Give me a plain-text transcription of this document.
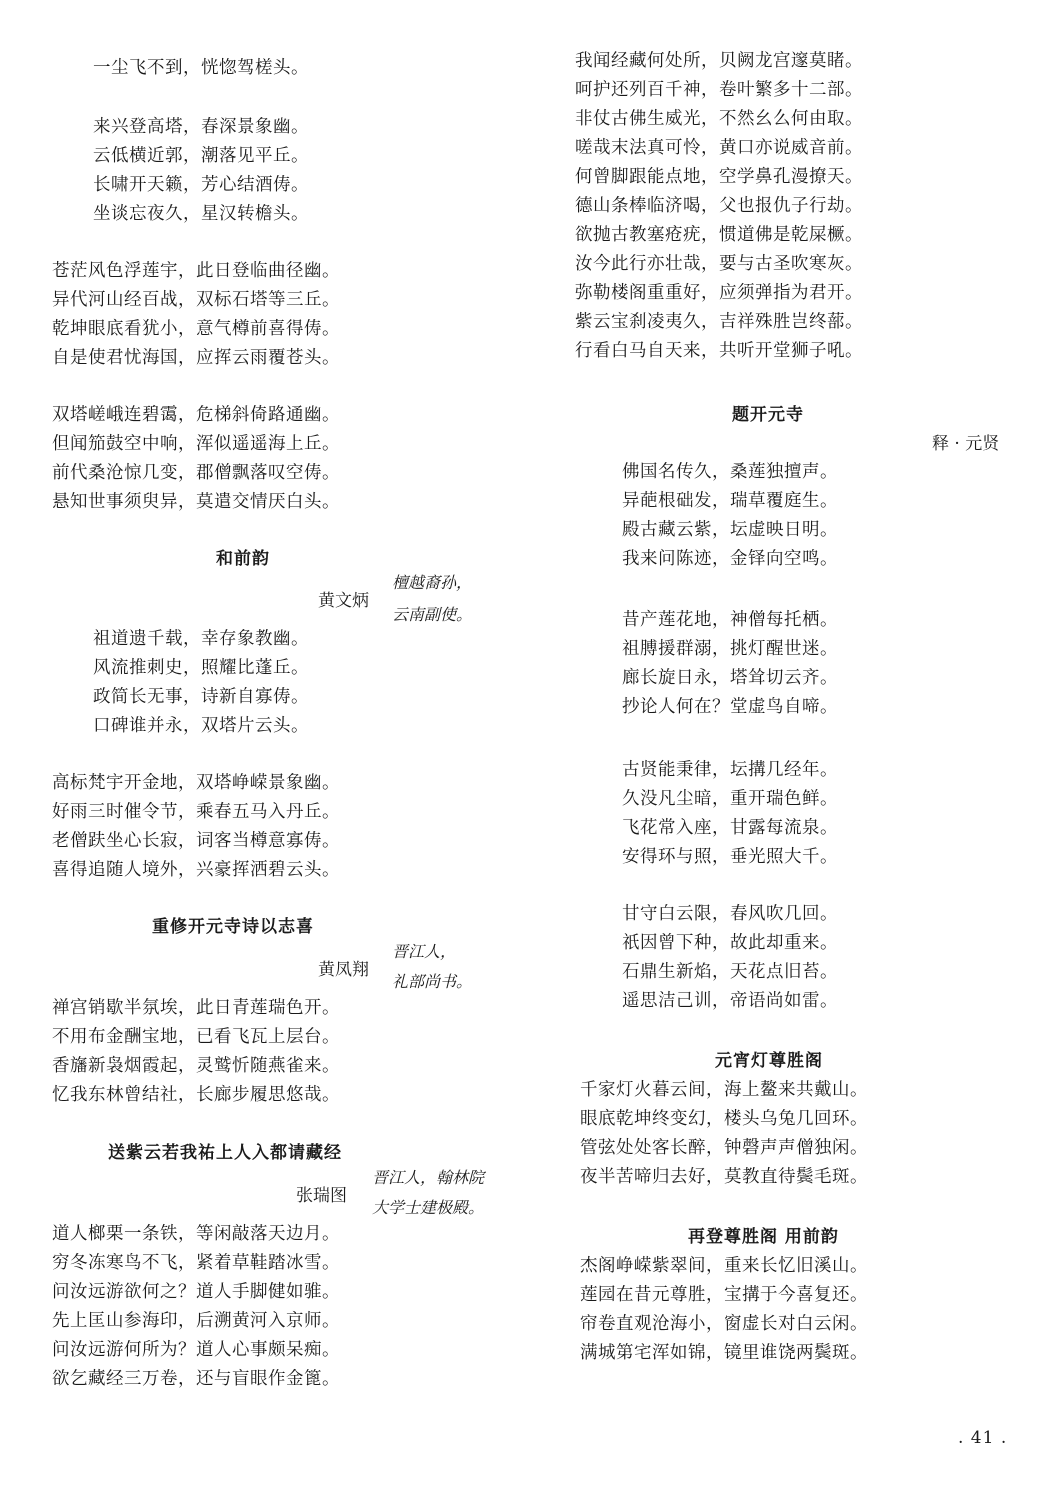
一尘飞不到，恍惚驾槎头。
来兴登高塔，春深景象幽。
云低横近郭，潮落见平丘。
长啸开天籁，芳心结酒俦。
坐谈忘夜久，星汉转檐头。
苍茫风色浮莲宇，此日登临曲径幽。
异代河山经百战，双标石塔等三丘。
乾坤眼底看犹小，意气樽前喜得俦。
自是使君忧海国，应挥云雨覆苍头。
双塔嵯峨连碧霭，危梯斜倚路通幽。
但闻笳鼓空中响，浑似遥遥海上丘。
前代桑沧惊几变，郡僧飘落叹空俦。
悬知世事须臾异，莫遣交情厌白头。
和前韵
黄文炳
檀越裔孙，
云南副使。
祖道遗千载，幸存象教幽。
风流推刺史，照耀比蓬丘。
政简长无事，诗新自寡俦。
口碑谁并永，双塔片云头。
高标梵宇开金地，双塔峥嵘景象幽。
好雨三时催令节，乘春五马入丹丘。
老僧趺坐心长寂，词客当樽意寡俦。
喜得追随人境外，兴豪挥洒碧云头。
重修开元寺诗以志喜
黄凤翔
晋江人，
礼部尚书。
禅宫销歇半氛埃，此日青莲瑞色开。
不用布金酬宝地，已看飞瓦上层台。
香旛新袅烟霞起，灵鹫忻随燕雀来。
忆我东林曾结社，长廊步履思悠哉。
送紫云若我祐上人入都请藏经
张瑞图
晋江人，翰林院
大学士建极殿。
道人榔栗一条铁，等闲敲落天边月。
穷冬冻寒鸟不飞，紧着草鞋踏冰雪。
问汝远游欲何之？道人手脚健如骓。
先上匡山参海印，后溯黄河入京师。
问汝远游何所为？道人心事颇呆痴。
欲乞藏经三万卷，还与盲眼作金篦。
我闻经藏何处所，贝阙龙宫邃莫睹。
呵护还列百千神，卷叶繁多十二部。
非仗古佛生威光，不然幺么何由取。
嗟哉末法真可怜，黄口亦说威音前。
何曾脚跟能点地，空学鼻孔漫撩天。
德山条棒临济喝，父也报仇子行劫。
欲抛古教塞疮疣，惯道佛是乾屎橛。
汝今此行亦壮哉，要与古圣吹寒灰。
弥勒楼阁重重好，应须弹指为君开。
紫云宝刹凌夷久，吉祥殊胜岂终蔀。
行看白马自天来，共听开堂狮子吼。
题开元寺
释 · 元贤
佛国名传久，桑莲独擅声。
异葩根础发，瑞草覆庭生。
殿古藏云紫，坛虚映日明。
我来问陈迹，金铎向空鸣。
昔产莲花地，神僧每托栖。
祖膊援群溺，挑灯醒世迷。
廊长旋日永，塔耸切云齐。
抄论人何在？堂虚鸟自啼。
古贤能秉律，坛搆几经年。
久没凡尘暗，重开瑞色鲜。
飞花常入座，甘露每流泉。
安得环与照，垂光照大千。
甘守白云限，春风吹几回。
祇因曾下种，故此却重来。
石鼎生新焰，天花点旧苔。
遥思洁己训，帝语尚如雷。
元宵灯尊胜阁
千家灯火暮云间，海上鳌来共戴山。
眼底乾坤终变幻，楼头乌兔几回环。
管弦处处客长醉，钟磬声声僧独闲。
夜半苦啼归去好，莫教直待鬓毛斑。
再登尊胜阁 用前韵
杰阁峥嵘紫翠间，重来长忆旧溪山。
莲园在昔元尊胜，宝搆于今喜复还。
帘卷直观沧海小，窗虚长对白云闲。
满城第宅浑如锦，镜里谁饶两鬓斑。
. 41 .
